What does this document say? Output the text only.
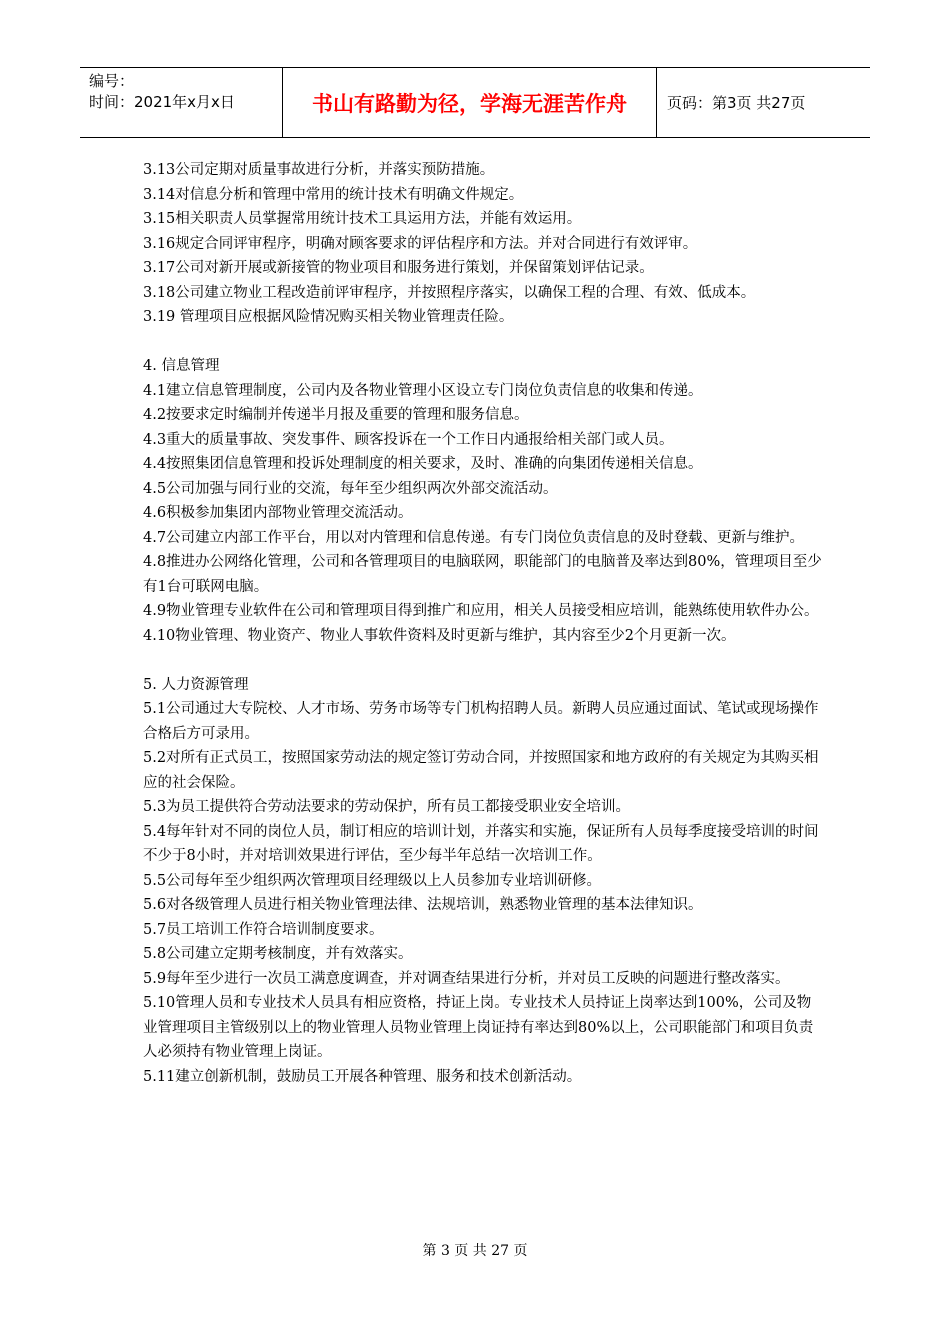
编号：
时间：2021年x月x日	书山有路勤为径，学海无涯苦作舟	页码：第3页 共27页

3.13公司定期对质量事故进行分析，并落实预防措施。

3.14对信息分析和管理中常用的统计技术有明确文件规定。

3.15相关职责人员掌握常用统计技术工具运用方法，并能有效运用。

3.16规定合同评审程序，明确对顾客要求的评估程序和方法。并对合同进行有效评审。

3.17公司对新开展或新接管的物业项目和服务进行策划，并保留策划评估记录。

3.18公司建立物业工程改造前评审程序，并按照程序落实，以确保工程的合理、有效、低成本。

3.19 管理项目应根据风险情况购买相关物业管理责任险。

4. 信息管理

4.1建立信息管理制度，公司内及各物业管理小区设立专门岗位负责信息的收集和传递。

4.2按要求定时编制并传递半月报及重要的管理和服务信息。

4.3重大的质量事故、突发事件、顾客投诉在一个工作日内通报给相关部门或人员。

4.4按照集团信息管理和投诉处理制度的相关要求，及时、准确的向集团传递相关信息。

4.5公司加强与同行业的交流，每年至少组织两次外部交流活动。

4.6积极参加集团内部物业管理交流活动。

4.7公司建立内部工作平台，用以对内管理和信息传递。有专门岗位负责信息的及时登载、更新与维护。

4.8推进办公网络化管理，公司和各管理项目的电脑联网，职能部门的电脑普及率达到80%，管理项目至少有1台可联网电脑。

4.9物业管理专业软件在公司和管理项目得到推广和应用，相关人员接受相应培训，能熟练使用软件办公。

4.10物业管理、物业资产、物业人事软件资料及时更新与维护，其内容至少2个月更新一次。

5. 人力资源管理

5.1公司通过大专院校、人才市场、劳务市场等专门机构招聘人员。新聘人员应通过面试、笔试或现场操作合格后方可录用。

5.2对所有正式员工，按照国家劳动法的规定签订劳动合同，并按照国家和地方政府的有关规定为其购买相应的社会保险。

5.3为员工提供符合劳动法要求的劳动保护，所有员工都接受职业安全培训。

5.4每年针对不同的岗位人员，制订相应的培训计划，并落实和实施，保证所有人员每季度接受培训的时间不少于8小时，并对培训效果进行评估，至少每半年总结一次培训工作。

5.5公司每年至少组织两次管理项目经理级以上人员参加专业培训研修。

5.6对各级管理人员进行相关物业管理法律、法规培训，熟悉物业管理的基本法律知识。

5.7员工培训工作符合培训制度要求。

5.8公司建立定期考核制度，并有效落实。

5.9每年至少进行一次员工满意度调查，并对调查结果进行分析，并对员工反映的问题进行整改落实。

5.10管理人员和专业技术人员具有相应资格，持证上岗。专业技术人员持证上岗率达到100%，公司及物业管理项目主管级别以上的物业管理人员物业管理上岗证持有率达到80%以上，公司职能部门和项目负责人必须持有物业管理上岗证。

5.11建立创新机制，鼓励员工开展各种管理、服务和技术创新活动。

第 3 页 共 27 页
